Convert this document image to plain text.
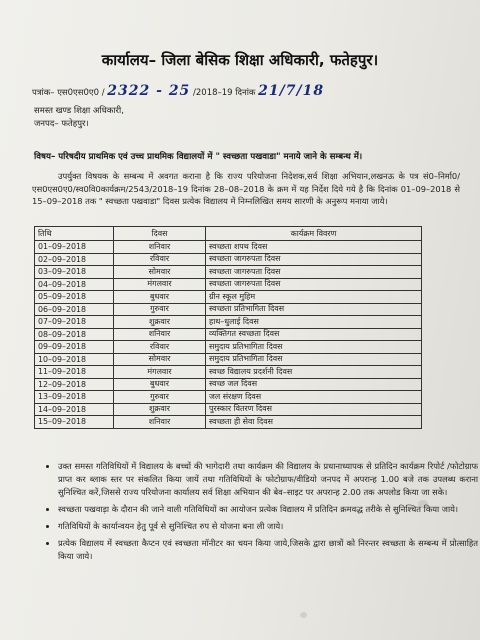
कार्यालय– जिला बेसिक शिक्षा अधिकारी, फतेहपुर।
पत्रांक– एस0एस0ए0 / 2322 - 25 /2018–19 दिनांक 21/7/18
समस्त खण्ड शिक्षा अधिकारी,
जनपद– फतेहपुर।
विषय– परिषदीय प्राथमिक एवं उच्च प्राथमिक विद्यालयों में " स्वच्छता पखवाडा" मनाये जाने के सम्बन्ध में।
उपर्युक्त विषयक के सम्बन्ध में अवगत कराना है कि राज्य परियोजना निदेशक,सर्व शिक्षा अभियान,लखनऊ के पत्र सं0–निर्मा0/एस0एस0ए0/स्व0वि0कार्यक्रम/2543/2018–19 दिनांक 28–08–2018 के क्रम में यह निर्देश दिये गये है कि दिनांक 01–09–2018 से 15–09–2018 तक " स्वच्छता पखवाडा" दिवस प्रत्येक विद्यालय में निम्नलिखित समय सारणी के अनुरूप मनाया जाये।
तिथि	दिवस	कार्यक्रम विवरण
01–09–2018	शनिवार	स्वच्छता शपथ दिवस
02–09–2018	रविवार	स्वच्छता जागरुपता दिवस
03–09–2018	सोमवार	स्वच्छता जागरुपता दिवस
04–09–2018	मंगलवार	स्वच्छता जागरुपता दिवस
05–09–2018	बुधवार	ग्रीन स्कूल मुहिम
06–09–2018	गुरुवार	स्वच्छता प्रतिभागिता दिवस
07–09–2018	शुक्रवार	हाथ–धुलाई दिवस
08–09–2018	शनिवार	व्यक्तिगत स्वच्छता दिवस
09–09–2018	रविवार	समुदाय प्रतिभागिता दिवस
10–09–2018	सोमवार	समुदाय प्रतिभागिता दिवस
11–09–2018	मंगलवार	स्वच्छ विद्यालय प्रदर्शनी दिवस
12–09–2018	बुधवार	स्वच्छ जल दिवस
13–09–2018	गुरुवार	जल संरक्षण दिवस
14–09–2018	शुक्रवार	पुरस्कार वितरण दिवस
15–09–2018	शनिवार	स्वच्छता ही सेवा दिवस
• उक्त समस्त गतिविधियों में विद्यालय के बच्चों की भागेदारी तथा कार्यक्रम की विद्यालय के प्रधानाध्यापक से प्रतिदिन कार्यक्रम रिपोर्ट /फोटोग्राफ प्राप्त कर ब्लाक स्तर पर संकलित किया जायें तथा गतिविधियों के फोटोग्राफ/वीडियो जनपद में अपरान्ह 1.00 बजे तक उपलब्ध कराना सुनिश्चित करें,जिससे राज्य परियोजना कार्यालय सर्व शिक्षा अभियान की बेव–साइट पर अपरान्ह 2.00 तक अपलोड किया जा सके।
• स्वच्छता पखवाड़ा के दौरान की जाने वाली गतिविधियों का आयोजन प्रत्येक विद्यालय में प्रतिदिन क्रमवद्ध तरीके से सुनिश्चित किया जाये।
• गतिविधियों के कार्यान्वयन हेतु पूर्व से सुनिश्चित रुप से योजना बना ली जाये।
• प्रत्येक विद्यालय में स्वच्छता कैप्टन एवं स्वच्छता मॉनीटर का चयन किया जाये,जिसके द्वारा छात्रों को निरन्तर स्वच्छता के सम्बन्ध में प्रोत्साहित किया जाये।
